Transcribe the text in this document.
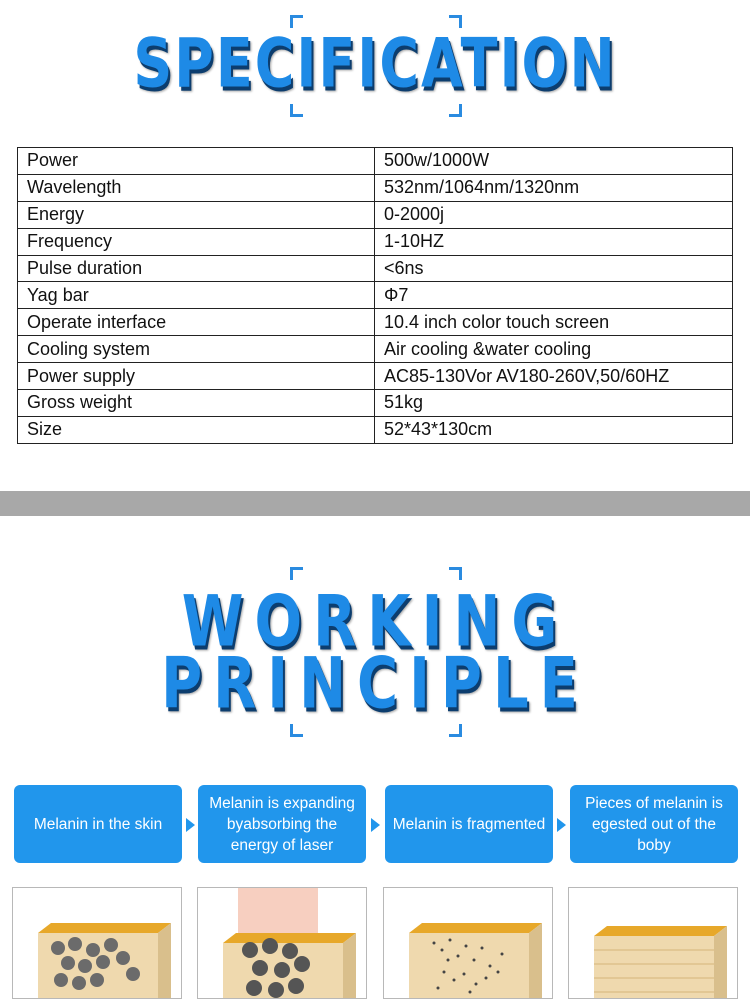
SPECIFICATION
Power	500w/1000W
Wavelength	532nm/1064nm/1320nm
Energy	0-2000j
Frequency	1-10HZ
Pulse duration	<6ns
Yag bar	Φ7
Operate interface	10.4 inch color touch screen
Cooling system	Air cooling &water cooling
Power supply	AC85-130Vor AV180-260V,50/60HZ
Gross weight	51kg
Size	52*43*130cm
WORKING
PRINCIPLE
Melanin in the skin
Melanin is expanding byabsorbing the energy of laser
Melanin is fragmented
Pieces of melanin is egested out of the boby
